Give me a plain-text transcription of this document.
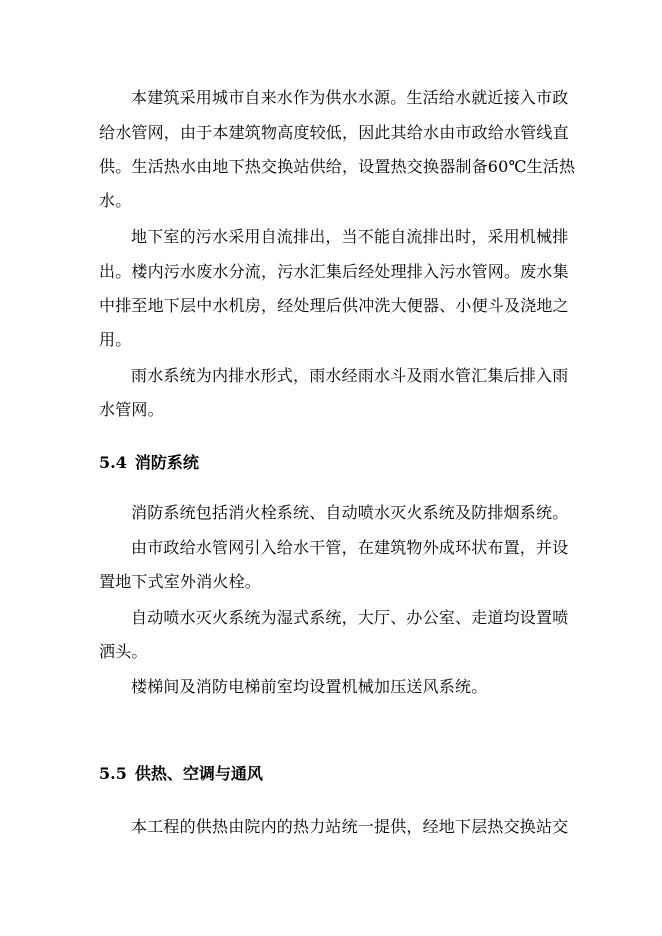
本建筑采用城市自来水作为供水水源。生活给水就近接入市政
给水管网，由于本建筑物高度较低，因此其给水由市政给水管线直
供。生活热水由地下热交换站供给，设置热交换器制备60℃生活热
水。
地下室的污水采用自流排出，当不能自流排出时，采用机械排
出。楼内污水废水分流，污水汇集后经处理排入污水管网。废水集
中排至地下层中水机房，经处理后供冲洗大便器、小便斗及浇地之
用。
雨水系统为内排水形式，雨水经雨水斗及雨水管汇集后排入雨
水管网。
5.4 消防系统
消防系统包括消火栓系统、自动喷水灭火系统及防排烟系统。
由市政给水管网引入给水干管，在建筑物外成环状布置，并设
置地下式室外消火栓。
自动喷水灭火系统为湿式系统，大厅、办公室、走道均设置喷
洒头。
楼梯间及消防电梯前室均设置机械加压送风系统。
5.5 供热、空调与通风
本工程的供热由院内的热力站统一提供，经地下层热交换站交
